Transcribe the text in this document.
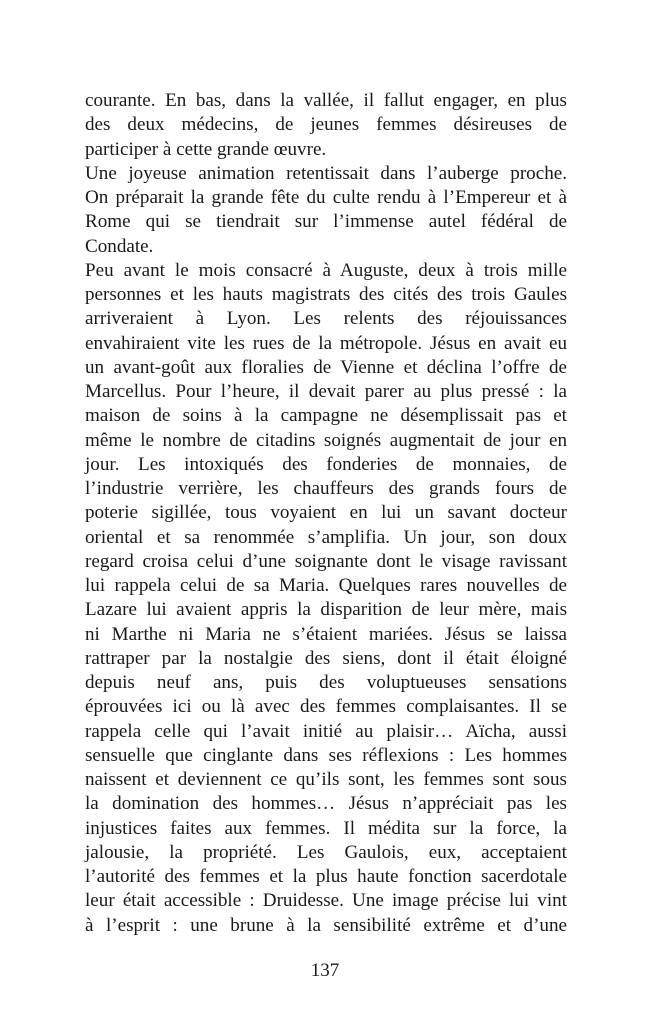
courante. En bas, dans la vallée, il fallut engager, en plus
des deux médecins, de jeunes femmes désireuses de
participer à cette grande œuvre.
Une joyeuse animation retentissait dans l’auberge proche.
On préparait la grande fête du culte rendu à l’Empereur et à
Rome qui se tiendrait sur l’immense autel fédéral de
Condate.
Peu avant le mois consacré à Auguste, deux à trois mille
personnes et les hauts magistrats des cités des trois Gaules
arriveraient à Lyon. Les relents des réjouissances
envahiraient vite les rues de la métropole. Jésus en avait eu
un avant-goût aux floralies de Vienne et déclina l’offre de
Marcellus. Pour l’heure, il devait parer au plus pressé : la
maison de soins à la campagne ne désemplissait pas et
même le nombre de citadins soignés augmentait de jour en
jour. Les intoxiqués des fonderies de monnaies, de
l’industrie verrière, les chauffeurs des grands fours de
poterie sigillée, tous voyaient en lui un savant docteur
oriental et sa renommée s’amplifia. Un jour, son doux
regard croisa celui d’une soignante dont le visage ravissant
lui rappela celui de sa Maria. Quelques rares nouvelles de
Lazare lui avaient appris la disparition de leur mère, mais
ni Marthe ni Maria ne s’étaient mariées. Jésus se laissa
rattraper par la nostalgie des siens, dont il était éloigné
depuis neuf ans, puis des voluptueuses sensations
éprouvées ici ou là avec des femmes complaisantes. Il se
rappela celle qui l’avait initié au plaisir… Aïcha, aussi
sensuelle que cinglante dans ses réflexions : Les hommes
naissent et deviennent ce qu’ils sont, les femmes sont sous
la domination des hommes… Jésus n’appréciait pas les
injustices faites aux femmes. Il médita sur la force, la
jalousie, la propriété. Les Gaulois, eux, acceptaient
l’autorité des femmes et la plus haute fonction sacerdotale
leur était accessible : Druidesse. Une image précise lui vint
à l’esprit : une brune à la sensibilité extrême et d’une
137
